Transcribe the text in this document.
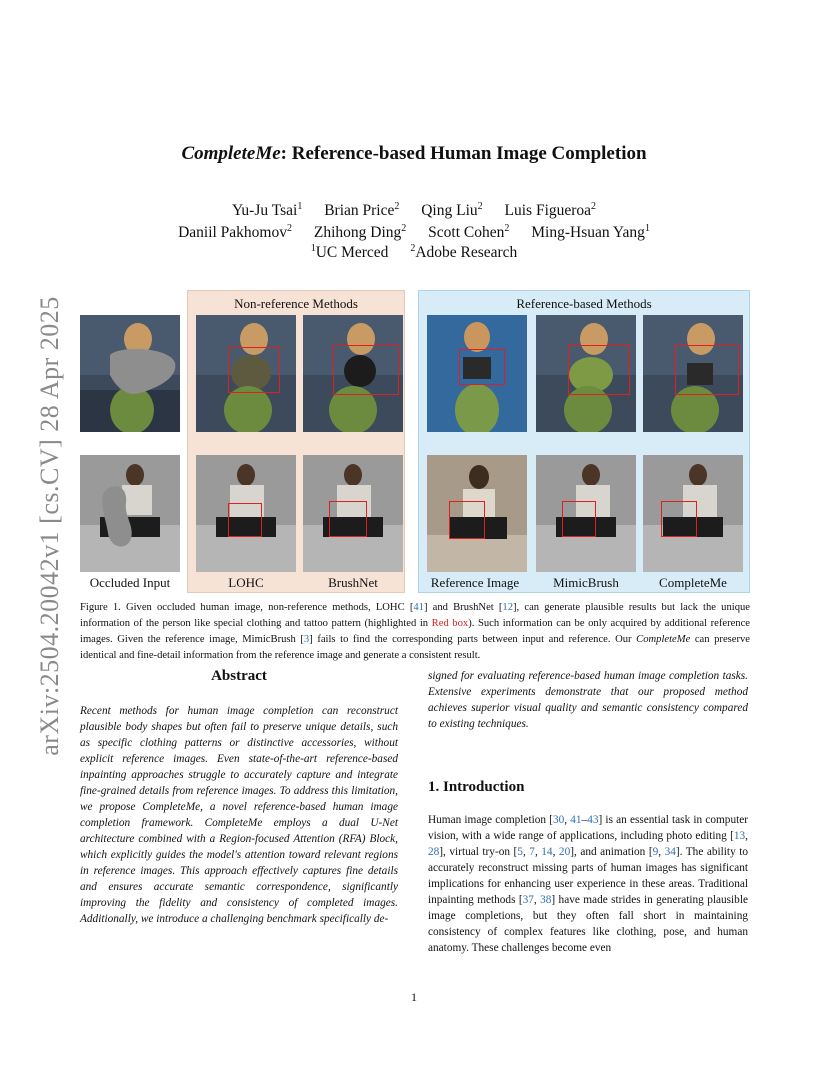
arXiv:2504.20042v1 [cs.CV] 28 Apr 2025
CompleteMe: Reference-based Human Image Completion
Yu-Ju Tsai$^1$ Brian Price$^2$ Qing Liu$^2$ Luis Figueroa$^2$
Daniil Pakhomov$^2$ Zhihong Ding$^2$ Scott Cohen$^2$ Ming-Hsuan Yang$^1$
$^1$UC Merced $^2$Adobe Research
Non-reference Methods	Reference-based Methods
Occluded Input	LOHC	BrushNet	Reference Image	MimicBrush	CompleteMe
Figure 1. Given occluded human image, non-reference methods, LOHC [41] and BrushNet [12], can generate plausible results but lack the unique information of the person like special clothing and tattoo pattern (highlighted in Red box). Such information can be only acquired by additional reference images. Given the reference image, MimicBrush [3] fails to find the corresponding parts between input and reference. Our CompleteMe can preserve identical and fine-detail information from the reference image and generate a consistent result.
Abstract

Recent methods for human image completion can reconstruct plausible body shapes but often fail to preserve unique details, such as specific clothing patterns or distinctive accessories, without explicit reference images. Even state-of-the-art reference-based inpainting approaches struggle to accurately capture and integrate fine-grained details from reference images. To address this limitation, we propose CompleteMe, a novel reference-based human image completion framework. CompleteMe employs a dual U-Net architecture combined with a Region-focused Attention (RFA) Block, which explicitly guides the model's attention toward relevant regions in reference images. This approach effectively captures fine details and ensures accurate semantic correspondence, significantly improving the fidelity and consistency of completed images. Additionally, we introduce a challenging benchmark specifically de-

signed for evaluating reference-based human image completion tasks. Extensive experiments demonstrate that our proposed method achieves superior visual quality and semantic consistency compared to existing techniques.

1. Introduction

Human image completion [30, 41–43] is an essential task in computer vision, with a wide range of applications, including photo editing [13, 28], virtual try-on [5, 7, 14, 20], and animation [9, 34]. The ability to accurately reconstruct missing parts of human images has significant implications for enhancing user experience in these areas. Traditional inpainting methods [37, 38] have made strides in generating plausible image completions, but they often fall short in maintaining consistency of complex features like clothing, pose, and human anatomy. These challenges become even

1
